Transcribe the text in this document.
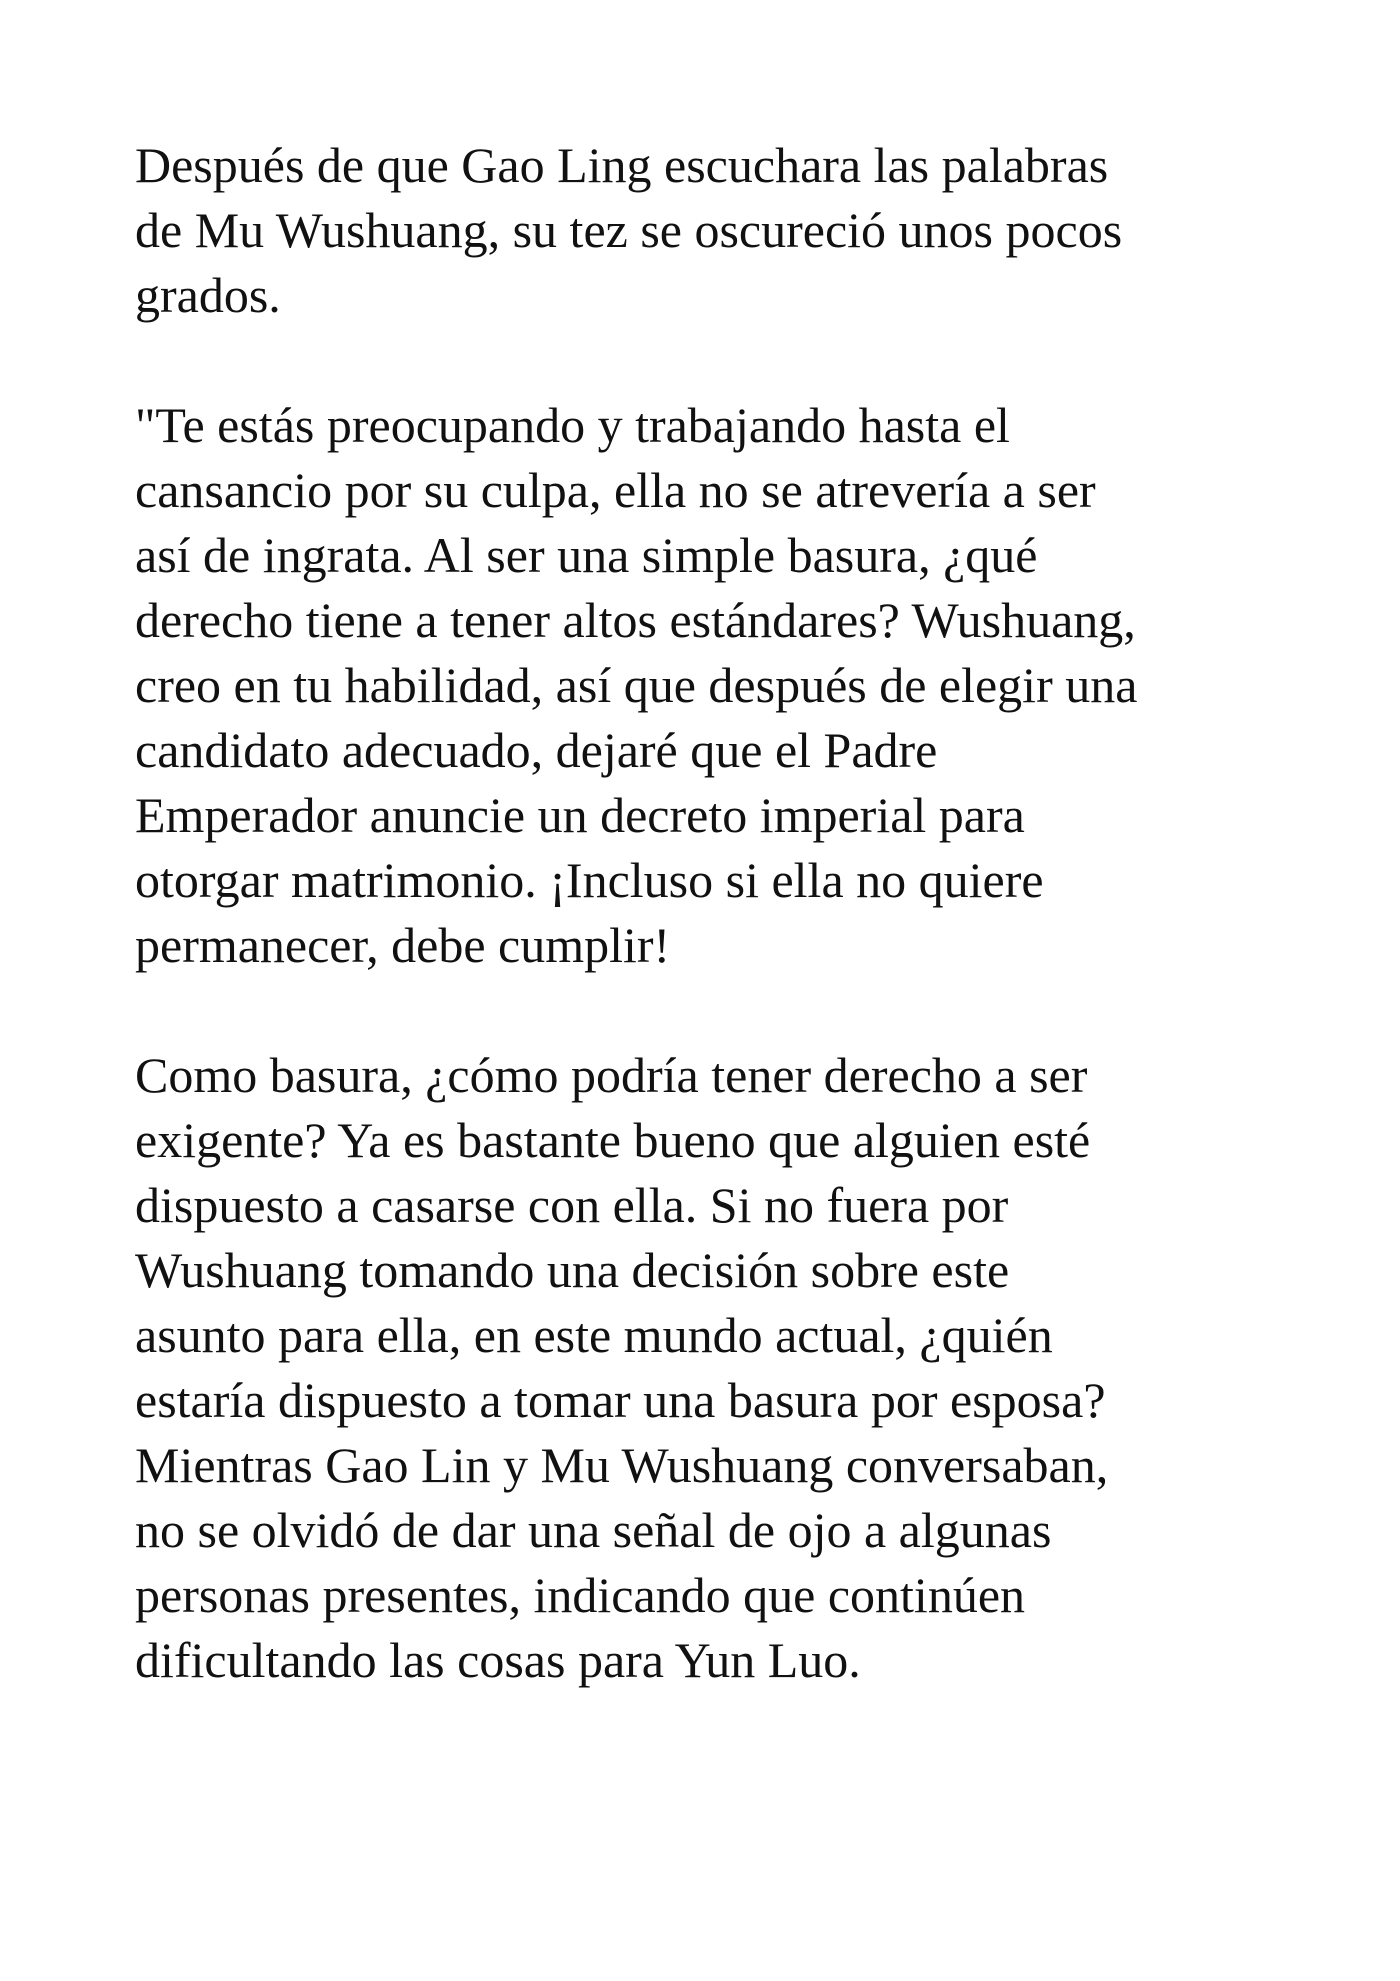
Después de que Gao Ling escuchara las palabras
de Mu Wushuang, su tez se oscureció unos pocos
grados.

"Te estás preocupando y trabajando hasta el
cansancio por su culpa, ella no se atrevería a ser
así de ingrata. Al ser una simple basura, ¿qué
derecho tiene a tener altos estándares? Wushuang,
creo en tu habilidad, así que después de elegir una
candidato adecuado, dejaré que el Padre
Emperador anuncie un decreto imperial para
otorgar matrimonio. ¡Incluso si ella no quiere
permanecer, debe cumplir!

Como basura, ¿cómo podría tener derecho a ser
exigente? Ya es bastante bueno que alguien esté
dispuesto a casarse con ella. Si no fuera por
Wushuang tomando una decisión sobre este
asunto para ella, en este mundo actual, ¿quién
estaría dispuesto a tomar una basura por esposa?
Mientras Gao Lin y Mu Wushuang conversaban,
no se olvidó de dar una señal de ojo a algunas
personas presentes, indicando que continúen
dificultando las cosas para Yun Luo.
